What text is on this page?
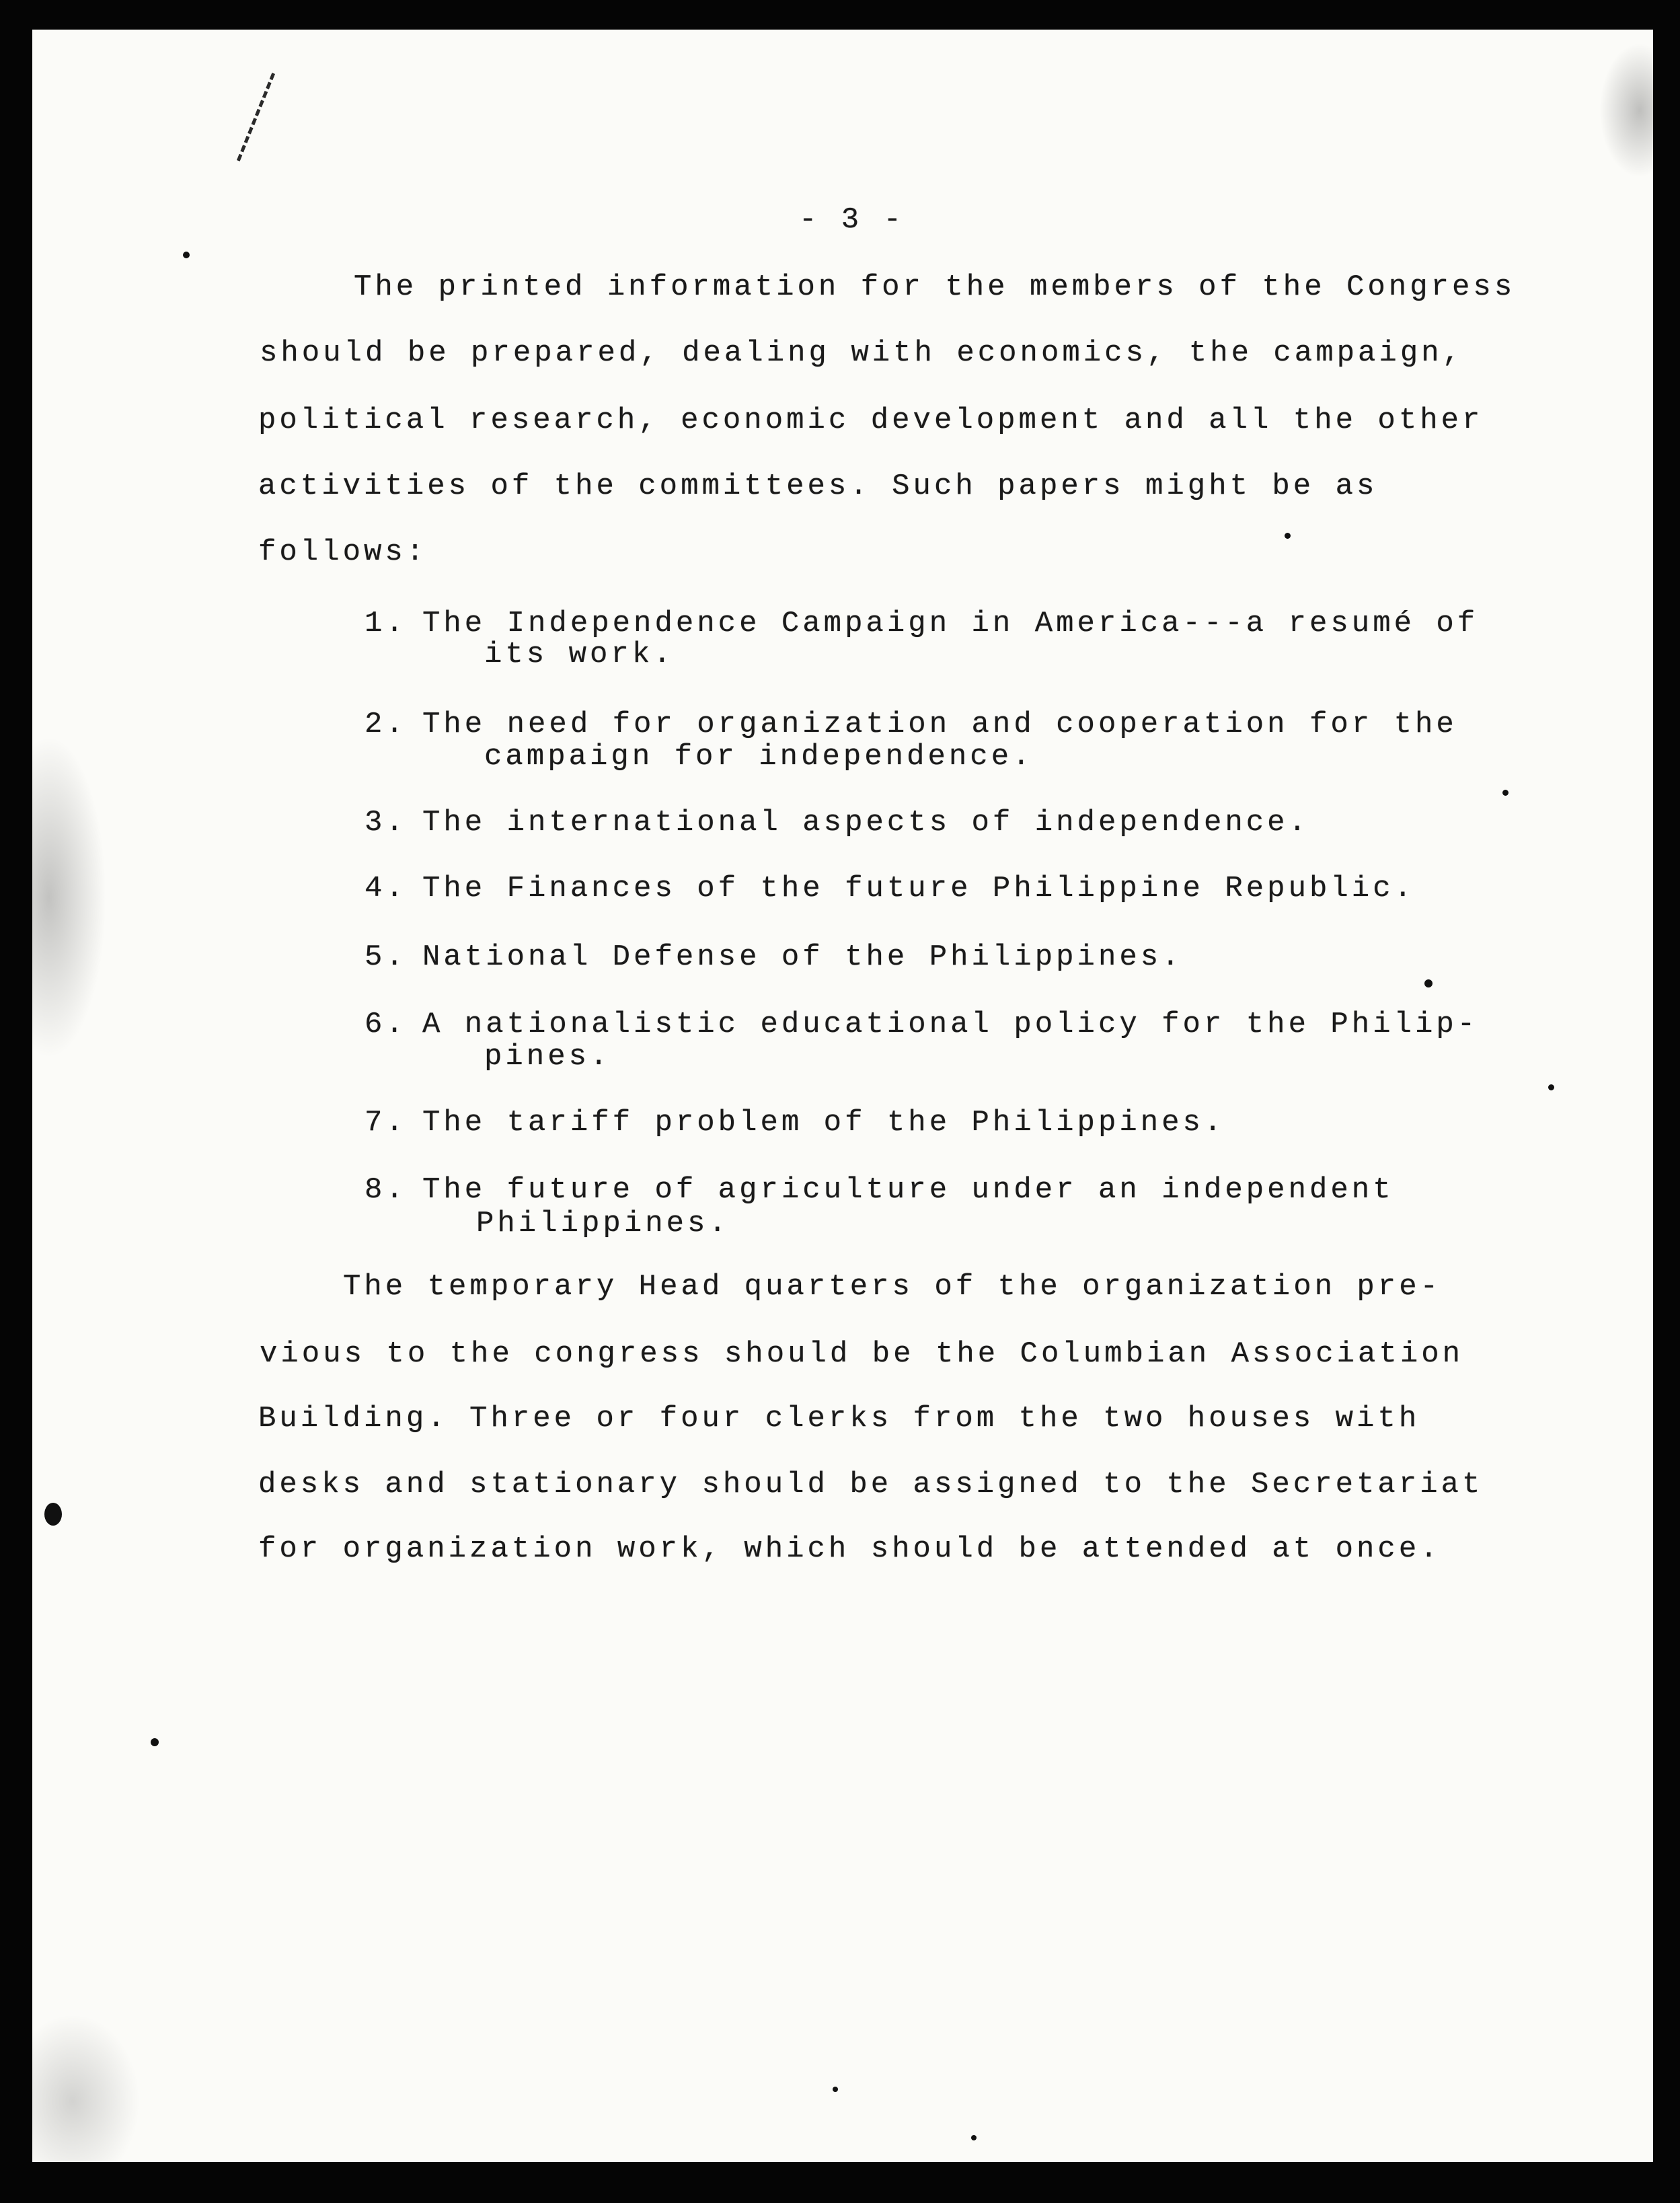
- 3 -

The printed information for the members of the Congress

should be prepared, dealing with economics, the campaign,

political research, economic development and all the other

activities of the committees. Such papers might be as

follows:

1. The Independence Campaign in America---a resumé of

its work.

2. The need for organization and cooperation for the

campaign for independence.

3. The international aspects of independence.

4. The Finances of the future Philippine Republic.

5. National Defense of the Philippines.

6. A nationalistic educational policy for the Philip-

pines.

7. The tariff problem of the Philippines.

8. The future of agriculture under an independent

Philippines.

The temporary Head quarters of the organization pre-

vious to the congress should be the Columbian Association

Building. Three or four clerks from the two houses with

desks and stationary should be assigned to the Secretariat

for organization work, which should be attended at once.
